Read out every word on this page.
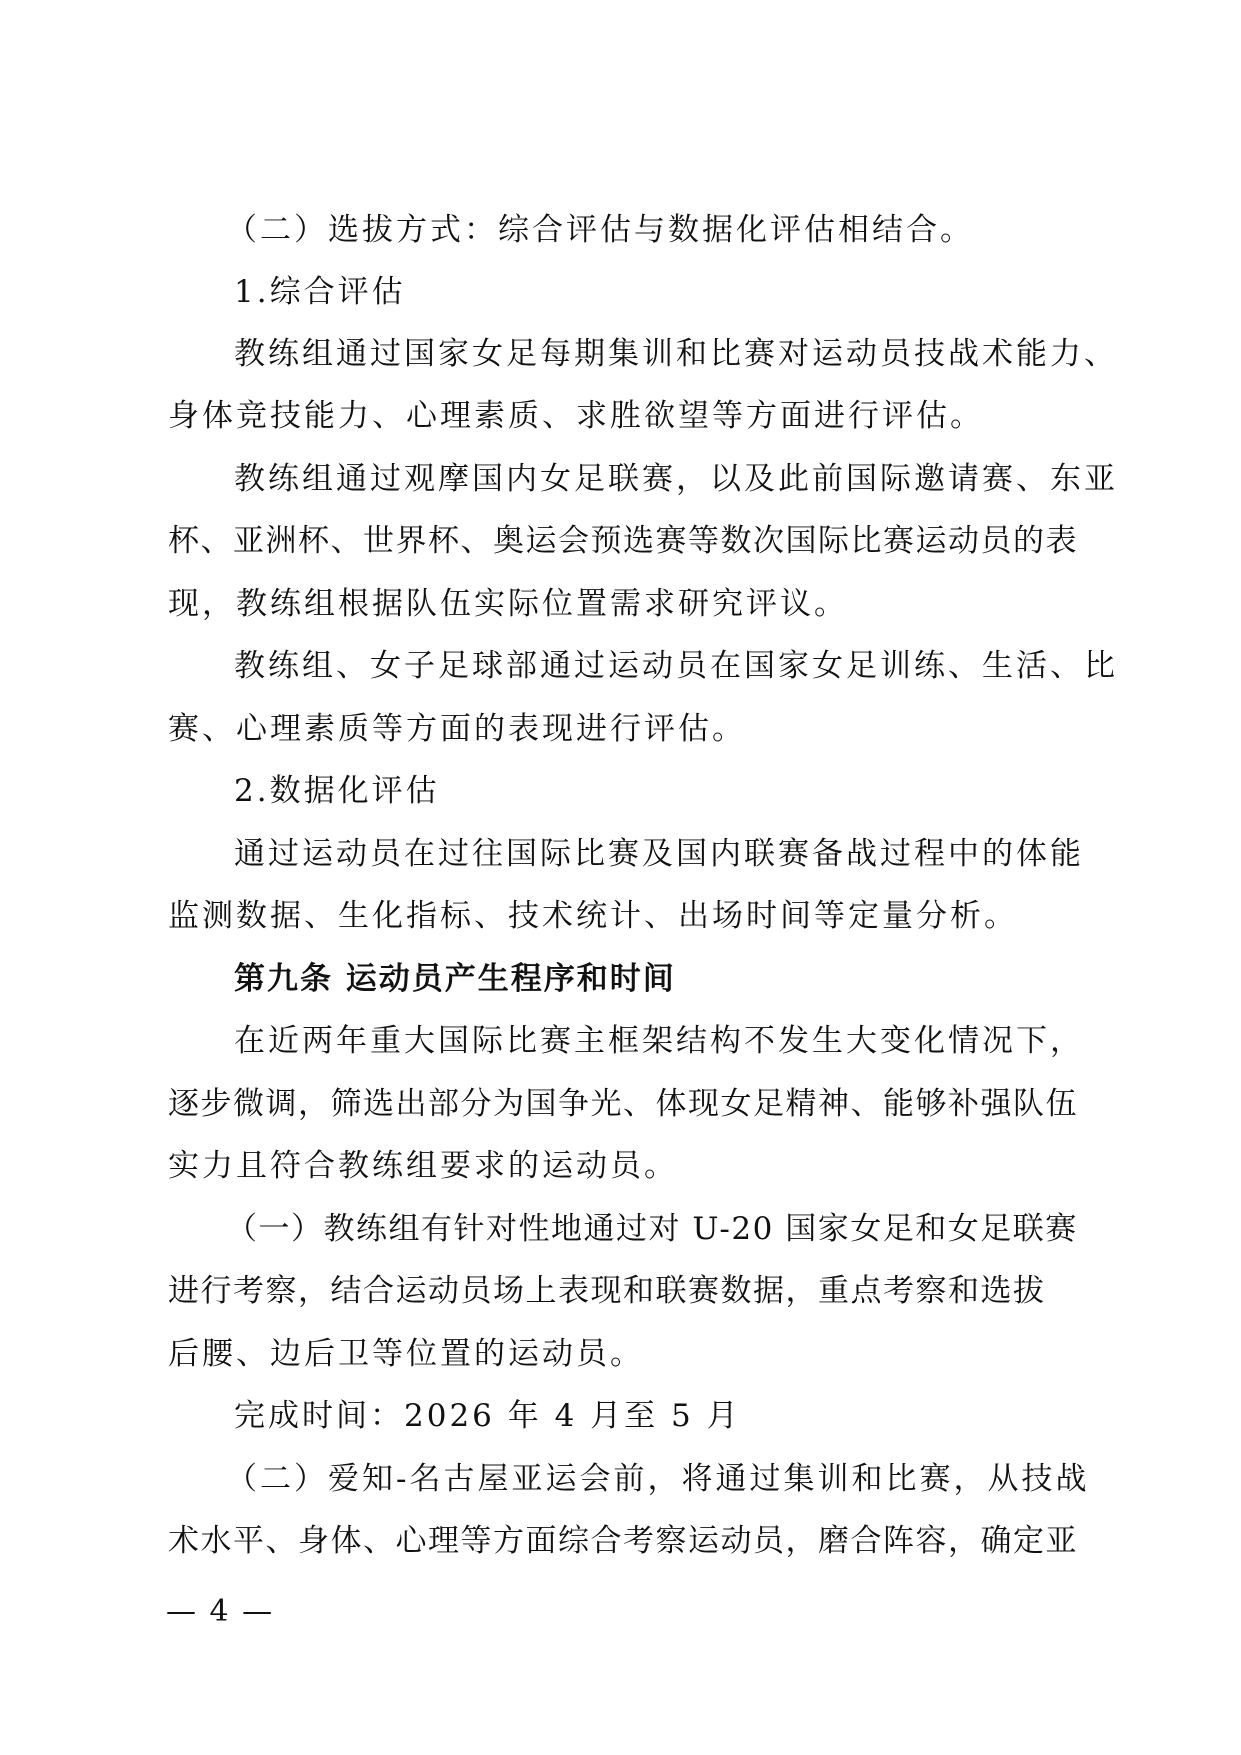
（二）选拔方式：综合评估与数据化评估相结合。

1.综合评估

教练组通过国家女足每期集训和比赛对运动员技战术能力、

身体竞技能力、心理素质、求胜欲望等方面进行评估。

教练组通过观摩国内女足联赛，以及此前国际邀请赛、东亚

杯、亚洲杯、世界杯、奥运会预选赛等数次国际比赛运动员的表

现，教练组根据队伍实际位置需求研究评议。

教练组、女子足球部通过运动员在国家女足训练、生活、比

赛、心理素质等方面的表现进行评估。

2.数据化评估

通过运动员在过往国际比赛及国内联赛备战过程中的体能

监测数据、生化指标、技术统计、出场时间等定量分析。

第九条 运动员产生程序和时间

在近两年重大国际比赛主框架结构不发生大变化情况下，

逐步微调，筛选出部分为国争光、体现女足精神、能够补强队伍

实力且符合教练组要求的运动员。

（一）教练组有针对性地通过对 U-20 国家女足和女足联赛

进行考察，结合运动员场上表现和联赛数据，重点考察和选拔

后腰、边后卫等位置的运动员。

完成时间：2026 年 4 月至 5 月

（二）爱知-名古屋亚运会前，将通过集训和比赛，从技战

术水平、身体、心理等方面综合考察运动员，磨合阵容，确定亚

— 4 —
